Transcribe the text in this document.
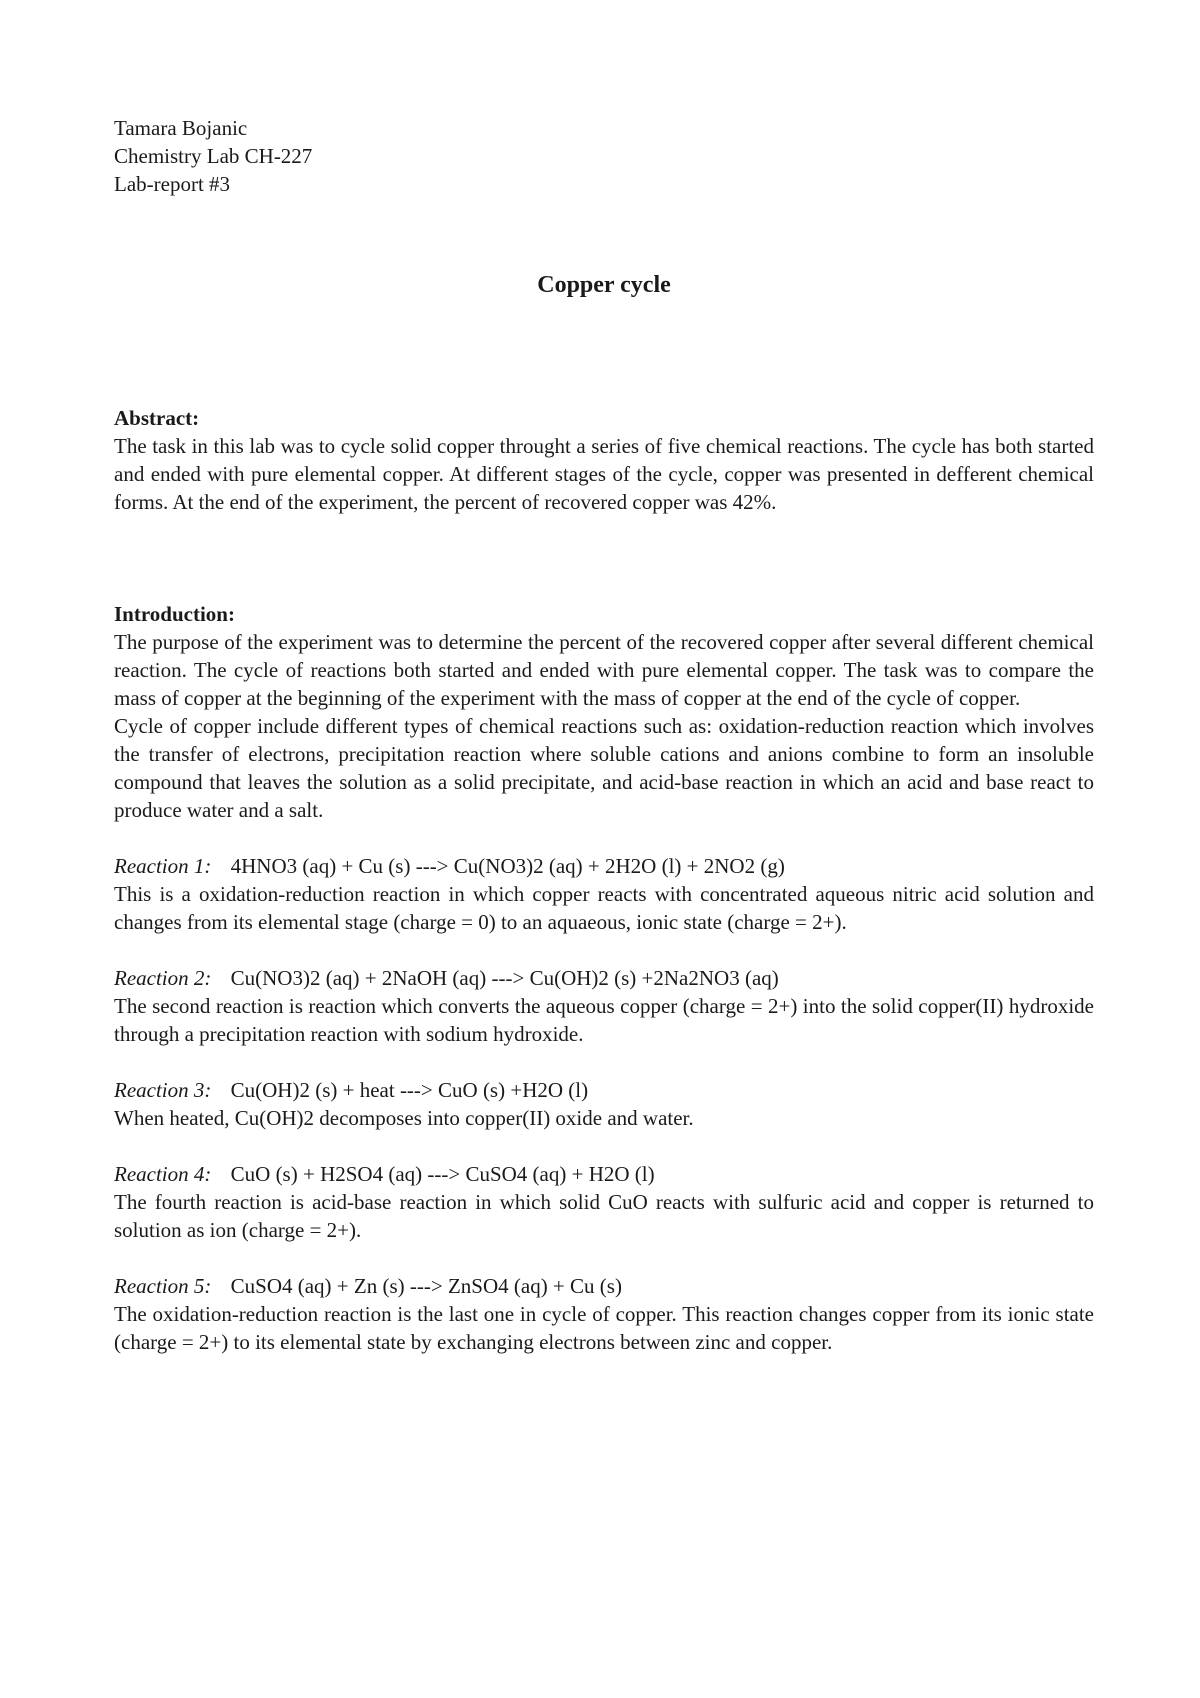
Tamara Bojanic
Chemistry Lab CH-227
Lab-report #3
Copper cycle
Abstract:

The task in this lab was to cycle solid copper throught a series of five chemical reactions. The cycle has both started and ended with pure elemental copper. At different stages of the cycle, copper was presented in defferent chemical forms. At the end of the experiment, the percent of recovered copper was 42%.

Introduction:

The purpose of the experiment was to determine the percent of the recovered copper after several different chemical reaction. The cycle of reactions both started and ended with pure elemental copper. The task was to compare the mass of copper at the beginning of the experiment with the mass of copper at the end of the cycle of copper.

Cycle of copper include different types of chemical reactions such as: oxidation-reduction reaction which involves the transfer of electrons, precipitation reaction where soluble cations and anions combine to form an insoluble compound that leaves the solution as a solid precipitate, and acid-base reaction in which an acid and base react to produce water and a salt.

Reaction 1: 4HNO3 (aq) + Cu (s) ---> Cu(NO3)2 (aq) + 2H2O (l) + 2NO2 (g)

This is a oxidation-reduction reaction in which copper reacts with concentrated aqueous nitric acid solution and changes from its elemental stage (charge = 0) to an aquaeous, ionic state (charge = 2+).

Reaction 2: Cu(NO3)2 (aq) + 2NaOH (aq) ---> Cu(OH)2 (s) +2Na2NO3 (aq)

The second reaction is reaction which converts the aqueous copper (charge = 2+) into the solid copper(II) hydroxide through a precipitation reaction with sodium hydroxide.

Reaction 3: Cu(OH)2 (s) + heat ---> CuO (s) +H2O (l)

When heated, Cu(OH)2 decomposes into copper(II) oxide and water.

Reaction 4: CuO (s) + H2SO4 (aq) ---> CuSO4 (aq) + H2O (l)

The fourth reaction is acid-base reaction in which solid CuO reacts with sulfuric acid and copper is returned to solution as ion (charge = 2+).

Reaction 5: CuSO4 (aq) + Zn (s) ---> ZnSO4 (aq) + Cu (s)

The oxidation-reduction reaction is the last one in cycle of copper. This reaction changes copper from its ionic state (charge = 2+) to its elemental state by exchanging electrons between zinc and copper.
